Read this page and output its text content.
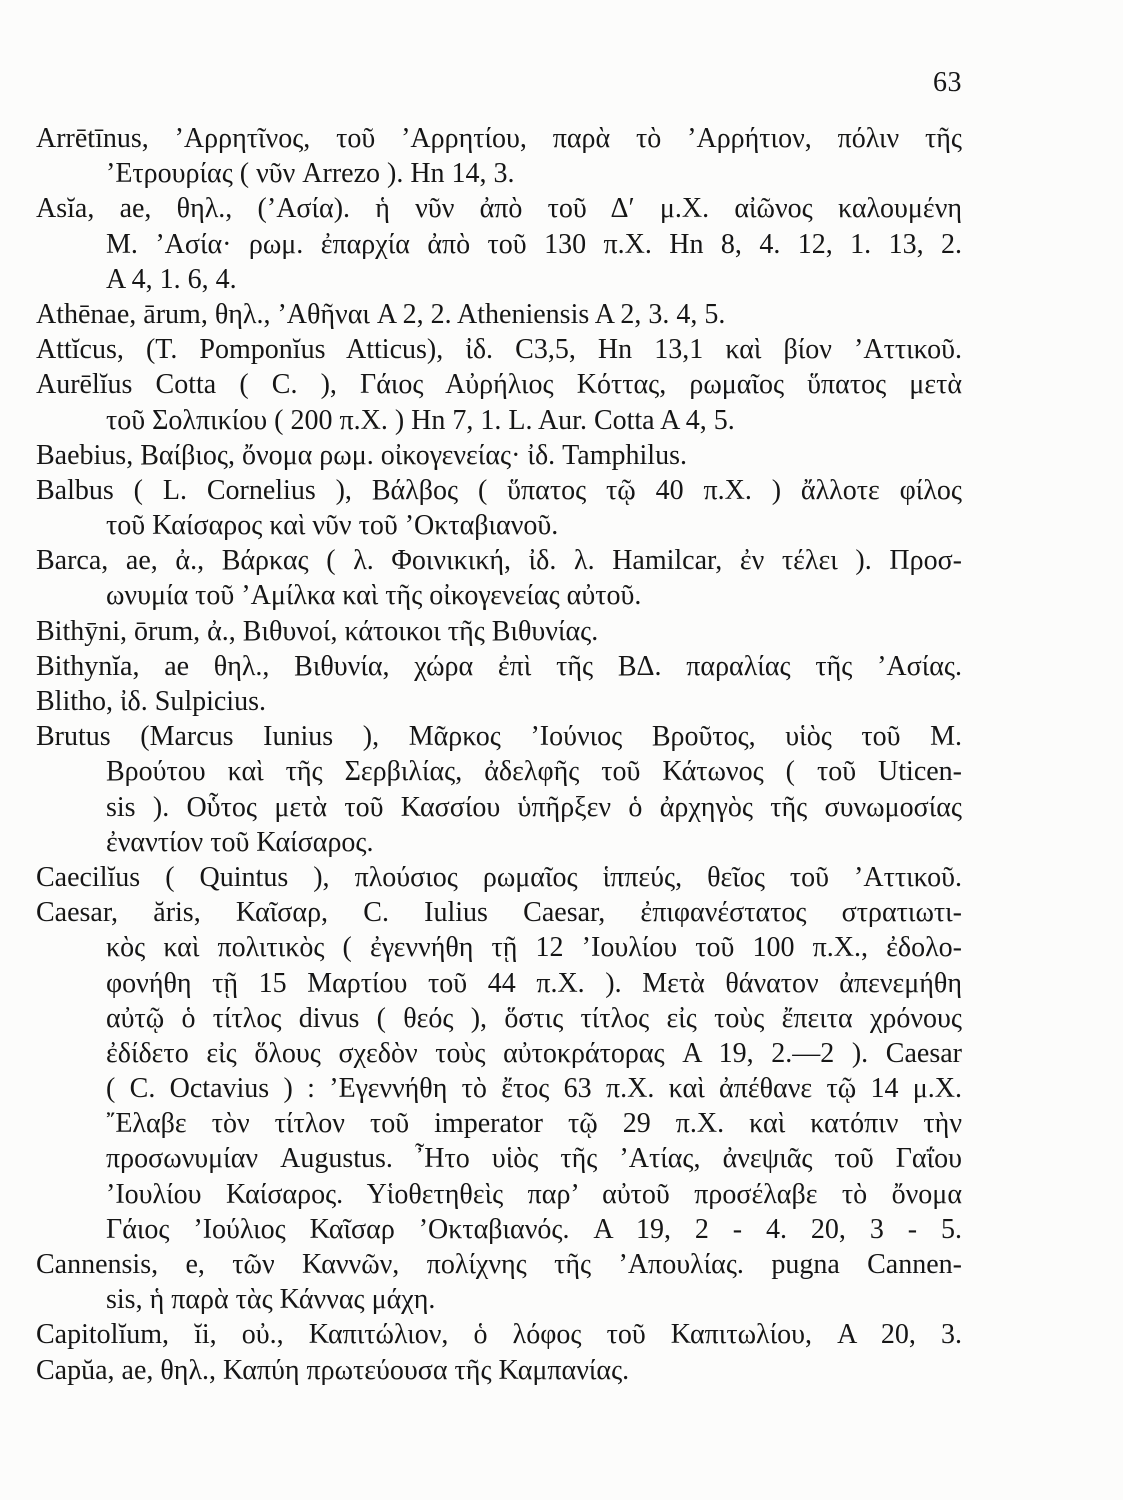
63
Arrētīnus, ’Αρρητῖνος, τοῦ ’Αρρητίου, παρὰ τὸ ’Αρρήτιον, πόλιν τῆς
’Ετρουρίας ( νῦν Arrezo ). Hn 14, 3.
Asĭa, ae, θηλ., (’Ασία). ἡ νῦν ἀπὸ τοῦ Δ′ μ.Χ. αἰῶνος καλουμένη
Μ. ’Ασία· ρωμ. ἐπαρχία ἀπὸ τοῦ 130 π.Χ. Hn 8, 4. 12, 1. 13, 2.
A 4, 1. 6, 4.
Athēnae, ārum, θηλ., ’Αθῆναι A 2, 2. Atheniensis A 2, 3. 4, 5.
Attĭcus, (T. Pomponĭus Atticus), ἰδ. C3,5, Hn 13,1 καὶ βίον ’Αττικοῦ.
Aurēlĭus Cotta ( C. ), Γάιος Αὐρήλιος Κόττας, ρωμαῖος ὕπατος μετὰ
τοῦ Σολπικίου ( 200 π.Χ. ) Hn 7, 1. L. Aur. Cotta A 4, 5.
Baebius, Βαίβιος, ὄνομα ρωμ. οἰκογενείας· ἰδ. Tamphilus.
Balbus ( L. Cornelius ), Βάλβος ( ὕπατος τῷ 40 π.Χ. ) ἄλλοτε φίλος
τοῦ Καίσαρος καὶ νῦν τοῦ ’Οκταβιανοῦ.
Barca, ae, ἀ., Βάρκας ( λ. Φοινικική, ἰδ. λ. Hamilcar, ἐν τέλει ). Προσ-
ωνυμία τοῦ ’Αμίλκα καὶ τῆς οἰκογενείας αὐτοῦ.
Bithȳni, ōrum, ἀ., Βιθυνοί, κάτοικοι τῆς Βιθυνίας.
Bithynĭa, ae θηλ., Βιθυνία, χώρα ἐπὶ τῆς ΒΔ. παραλίας τῆς ’Ασίας.
Blitho, ἰδ. Sulpicius.
Brutus (Marcus Iunius ), Μᾶρκος ’Ιούνιος Βροῦτος, υἱὸς τοῦ Μ.
Βρούτου καὶ τῆς Σερβιλίας, ἀδελφῆς τοῦ Κάτωνος ( τοῦ Uticen-
sis ). Οὗτος μετὰ τοῦ Κασσίου ὑπῆρξεν ὁ ἀρχηγὸς τῆς συνωμοσίας
ἐναντίον τοῦ Καίσαρος.
Caecilĭus ( Quintus ), πλούσιος ρωμαῖος ἱππεύς, θεῖος τοῦ ’Αττικοῦ.
Caesar, ăris, Καῖσαρ, C. Iulius Caesar, ἐπιφανέστατος στρατιωτι-
κὸς καὶ πολιτικὸς ( ἐγεννήθη τῇ 12 ’Ιουλίου τοῦ 100 π.Χ., ἐδολο-
φονήθη τῇ 15 Μαρτίου τοῦ 44 π.Χ. ). Μετὰ θάνατον ἀπενεμήθη
αὐτῷ ὁ τίτλος divus ( θεός ), ὅστις τίτλος εἰς τοὺς ἔπειτα χρόνους
ἐδίδετο εἰς ὅλους σχεδὸν τοὺς αὐτοκράτορας A 19, 2.—2 ). Caesar
( C. Octavius ) : ’Εγεννήθη τὸ ἔτος 63 π.Χ. καὶ ἀπέθανε τῷ 14 μ.Χ.
῎Ελαβε τὸν τίτλον τοῦ imperator τῷ 29 π.Χ. καὶ κατόπιν τὴν
προσωνυμίαν Augustus. ῏Ητο υἱὸς τῆς ’Ατίας, ἀνεψιᾶς τοῦ Γαΐου
’Ιουλίου Καίσαρος. Υἱοθετηθεὶς παρ’ αὐτοῦ προσέλαβε τὸ ὄνομα
Γάιος ’Ιούλιος Καῖσαρ ’Οκταβιανός. A 19, 2 - 4. 20, 3 - 5.
Cannensis, e, τῶν Καννῶν, πολίχνης τῆς ’Απουλίας. pugna Cannen-
sis, ἡ παρὰ τὰς Κάννας μάχη.
Capitolĭum, ĭi, οὐ., Καπιτώλιον, ὁ λόφος τοῦ Καπιτωλίου, A 20, 3.
Capŭa, ae, θηλ., Καπύη πρωτεύουσα τῆς Καμπανίας.
